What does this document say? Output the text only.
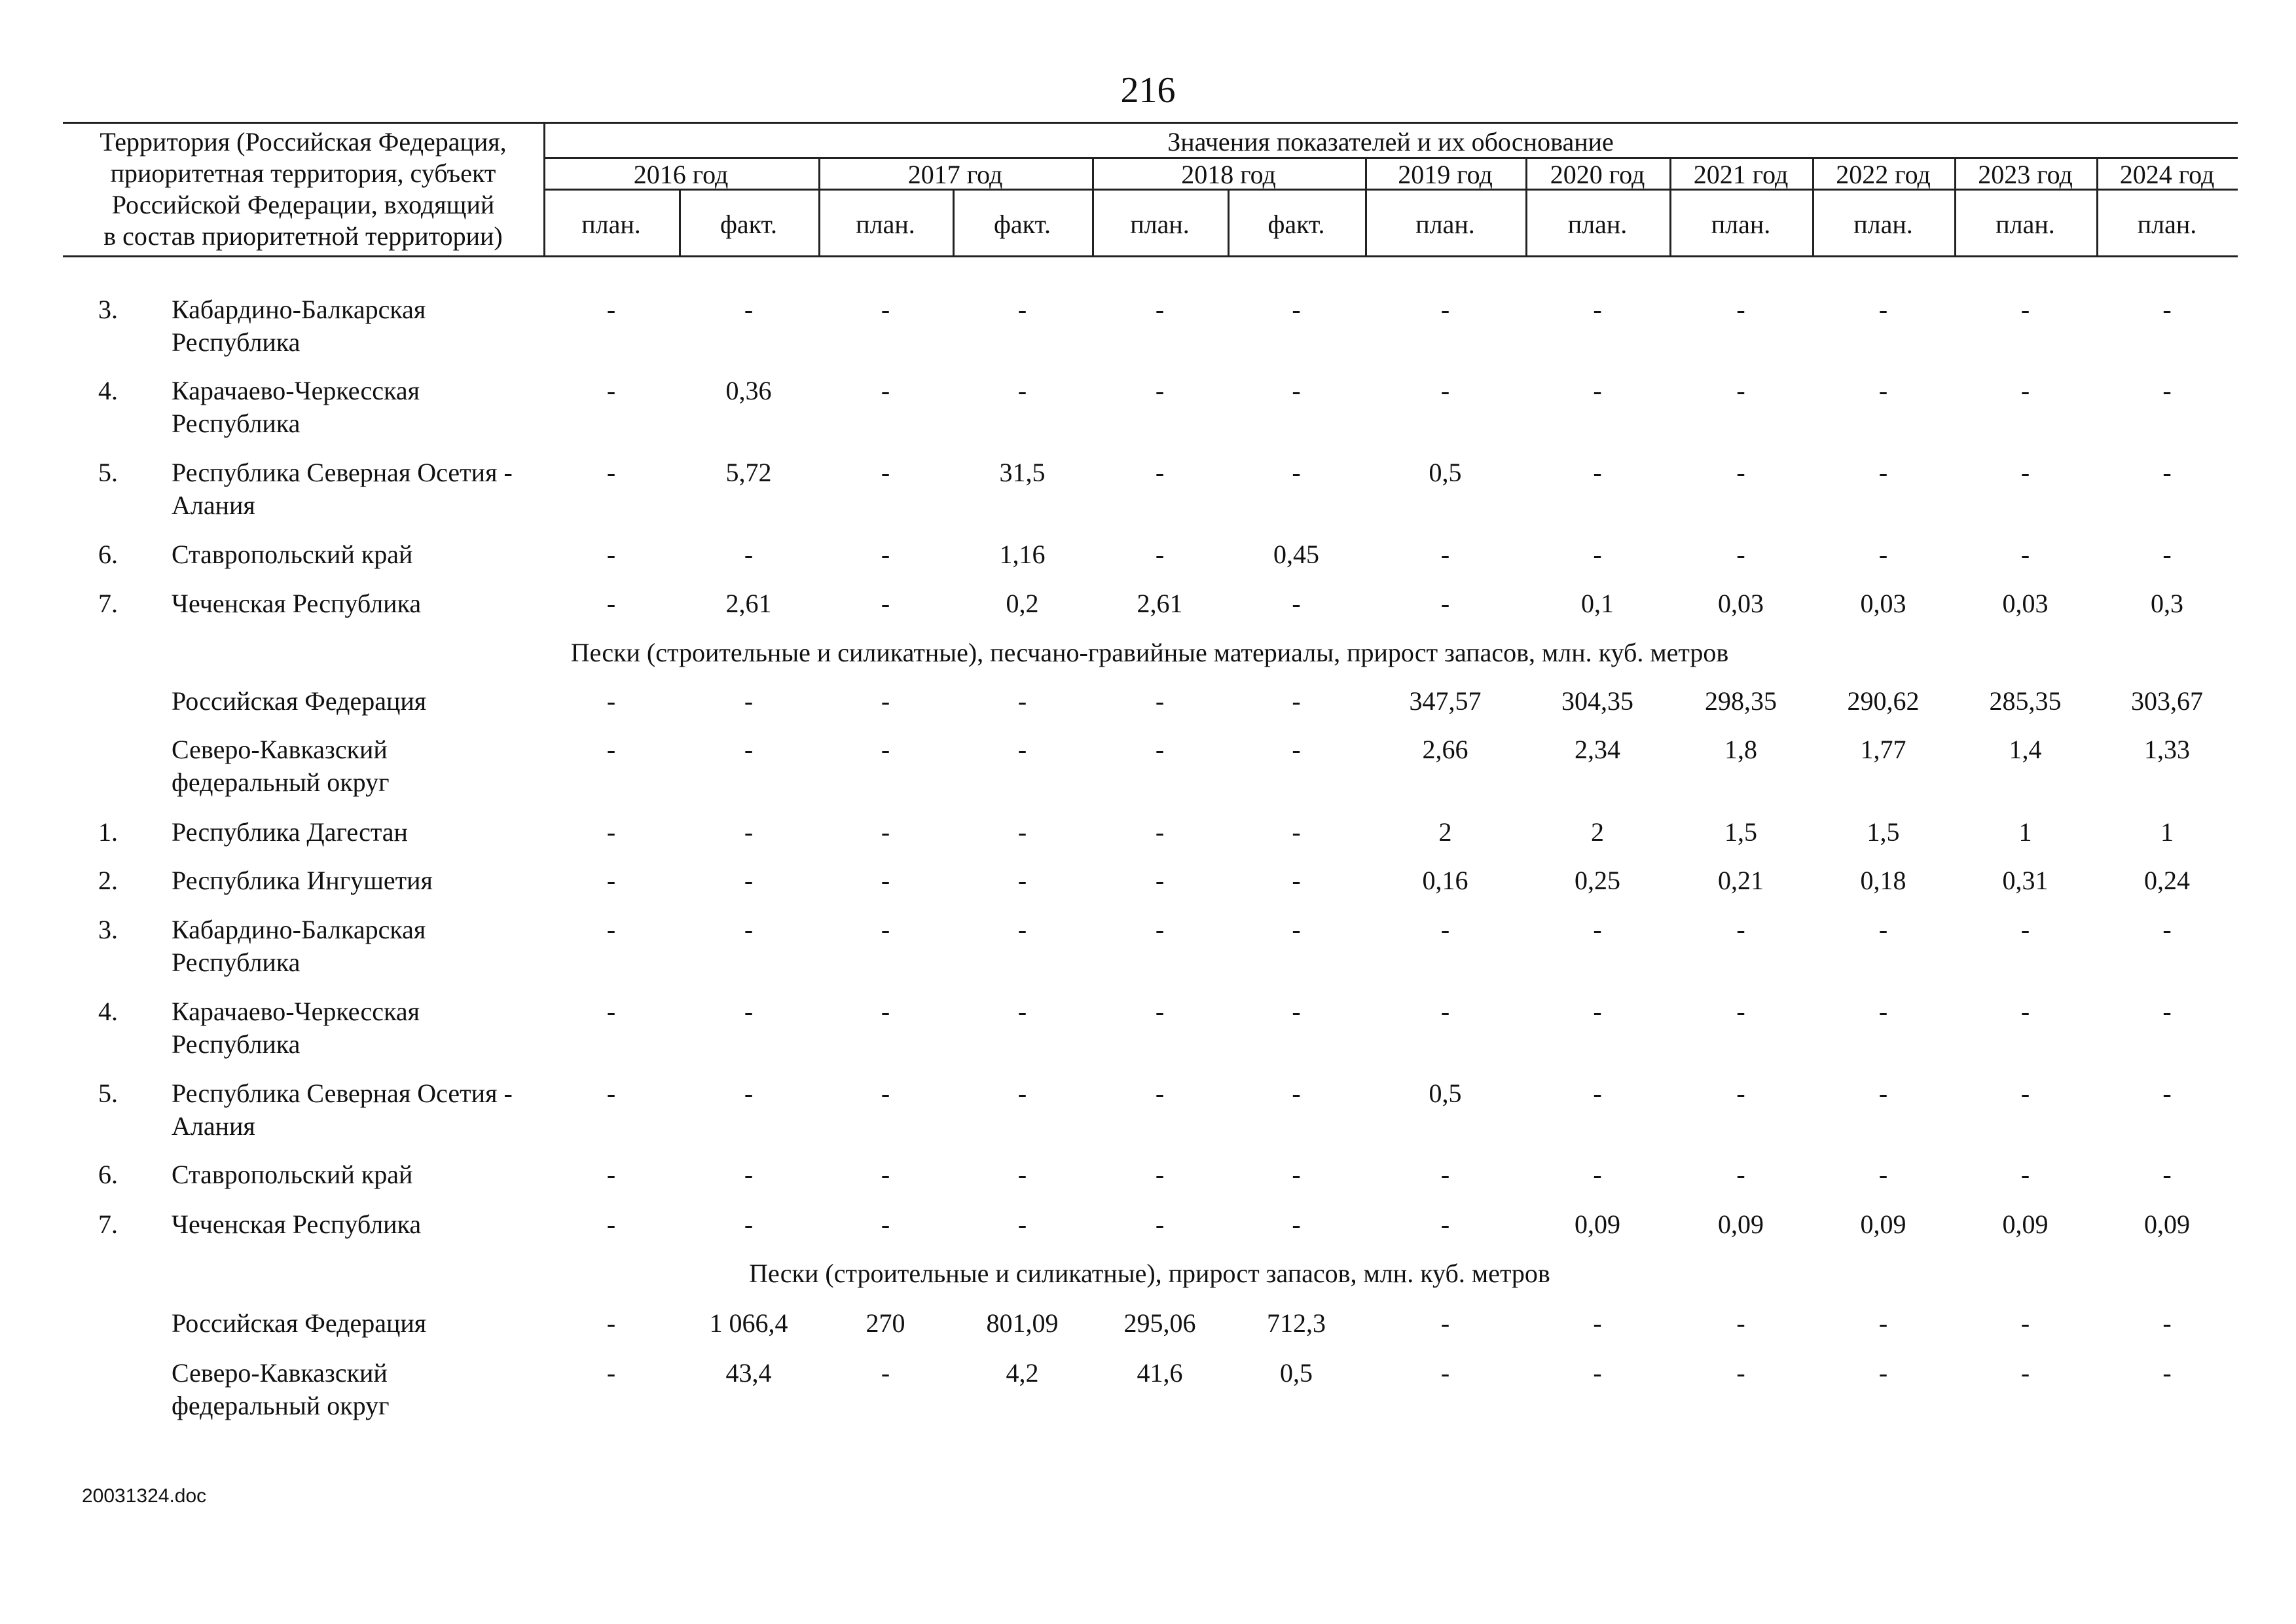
216
Территория (Российская Федерация,
приоритетная территория, субъект
Российской Федерации, входящий
в состав приоритетной территории)
Значения показателей и их обоснование
2016 год	2017 год	2018 год	2019 год	2020 год	2021 год	2022 год	2023 год	2024 год
план.	факт.	план.	факт.	план.	факт.	план.	план.	план.	план.	план.	план.
3. Кабардино-Балкарская
Республика
-	-	-	-	-	-	-	-	-	-	-	-
4. Карачаево-Черкесская
Республика
-	0,36	-	-	-	-	-	-	-	-	-	-
5. Республика Северная Осетия -
Алания
-	5,72	-	31,5	-	-	0,5	-	-	-	-	-
6. Ставропольский край	-	-	-	1,16	-	0,45	-	-	-	-	-	-
7. Чеченская Республика	-	2,61	-	0,2	2,61	-	-	0,1	0,03	0,03	0,03	0,3
Пески (строительные и силикатные), песчано-гравийные материалы, прирост запасов, млн. куб. метров
Российская Федерация	-	-	-	-	-	-	347,57	304,35	298,35	290,62	285,35	303,67
Северо-Кавказский
федеральный округ
-	-	-	-	-	-	2,66	2,34	1,8	1,77	1,4	1,33
1. Республика Дагестан	-	-	-	-	-	-	2	2	1,5	1,5	1	1
2. Республика Ингушетия	-	-	-	-	-	-	0,16	0,25	0,21	0,18	0,31	0,24
3. Кабардино-Балкарская
Республика
-	-	-	-	-	-	-	-	-	-	-	-
4. Карачаево-Черкесская
Республика
-	-	-	-	-	-	-	-	-	-	-	-
5. Республика Северная Осетия -
Алания
-	-	-	-	-	-	0,5	-	-	-	-	-
6. Ставропольский край	-	-	-	-	-	-	-	-	-	-	-	-
7. Чеченская Республика	-	-	-	-	-	-	-	0,09	0,09	0,09	0,09	0,09
Пески (строительные и силикатные), прирост запасов, млн. куб. метров
Российская Федерация	-	1 066,4	270	801,09	295,06	712,3	-	-	-	-	-	-
Северо-Кавказский
федеральный округ
-	43,4	-	4,2	41,6	0,5	-	-	-	-	-	-
20031324.doc
